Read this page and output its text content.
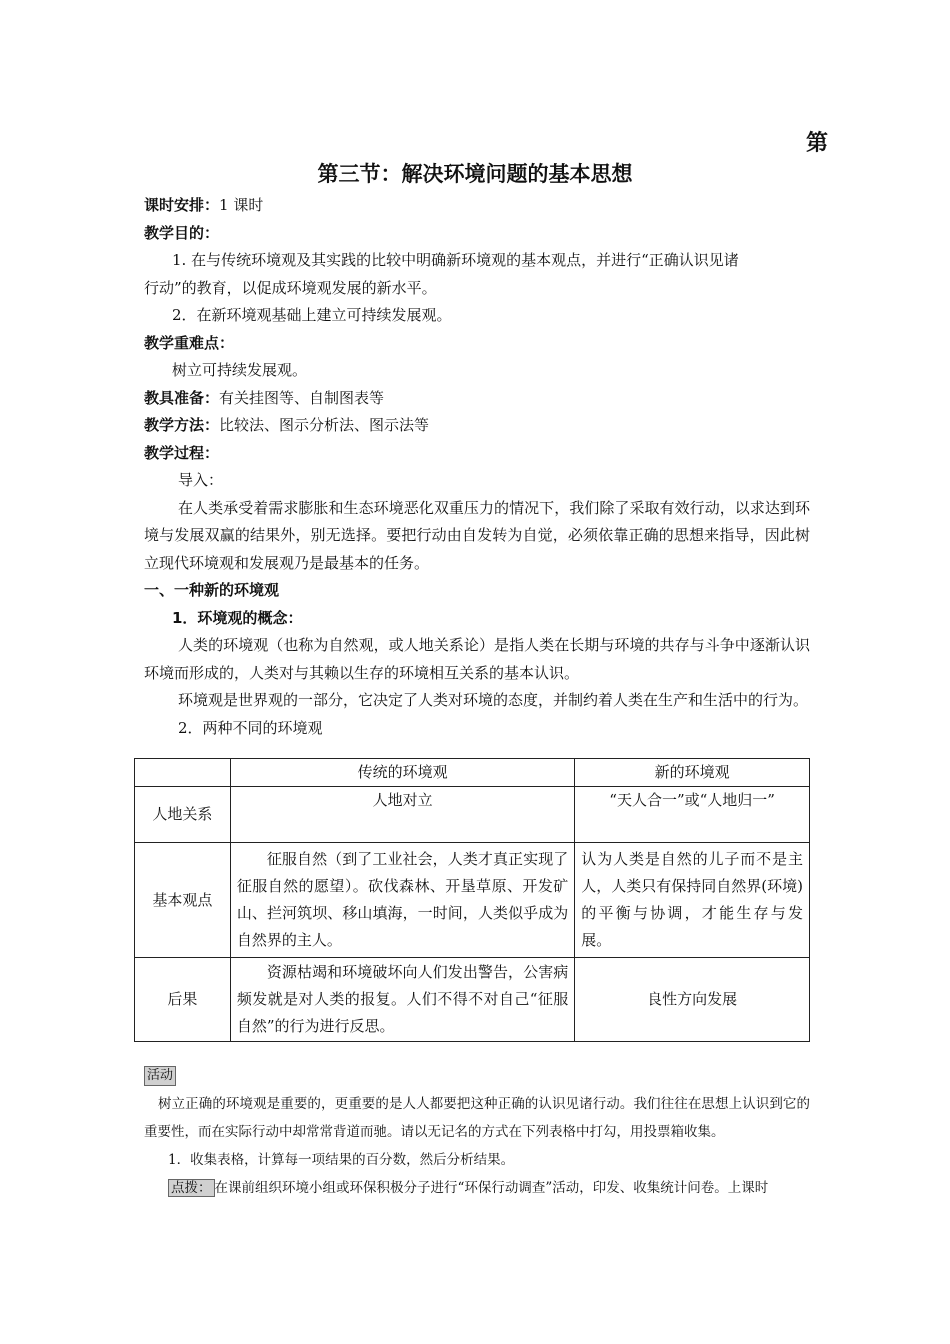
第
第三节：解决环境问题的基本思想

课时安排：1 课时

教学目的：

1. 在与传统环境观及其实践的比较中明确新环境观的基本观点，并进行“正确认识见诸

行动”的教育，以促成环境观发展的新水平。

2．在新环境观基础上建立可持续发展观。

教学重难点：

树立可持续发展观。

教具准备：有关挂图等、自制图表等

教学方法：比较法、图示分析法、图示法等

教学过程：

导入：

在人类承受着需求膨胀和生态环境恶化双重压力的情况下，我们除了采取有效行动，以求达到环境与发展双赢的结果外，别无选择。要把行动由自发转为自觉，必须依靠正确的思想来指导，因此树立现代环境观和发展观乃是最基本的任务。

一、一种新的环境观

1．环境观的概念：

人类的环境观（也称为自然观，或人地关系论）是指人类在长期与环境的共存与斗争中逐渐认识环境而形成的，人类对与其赖以生存的环境相互关系的基本认识。

环境观是世界观的一部分，它决定了人类对环境的态度，并制约着人类在生产和生活中的行为。

2．两种不同的环境观

	传统的环境观	新的环境观
人地关系	人地对立	“天人合一”或“人地归一”
基本观点	征服自然（到了工业社会，人类才真正实现了征服自然的愿望）。砍伐森林、开垦草原、开发矿山、拦河筑坝、移山填海，一时间，人类似乎成为自然界的主人。	认为人类是自然的儿子而不是主人，人类只有保持同自然界(环境)的平衡与协调，才能生存与发展。
后果	资源枯竭和环境破坏向人们发出警告，公害病频发就是对人类的报复。人们不得不对自己“征服自然”的行为进行反思。	良性方向发展
活动

树立正确的环境观是重要的，更重要的是人人都要把这种正确的认识见诸行动。我们往往在思想上认识到它的重要性，而在实际行动中却常常背道而驰。请以无记名的方式在下列表格中打勾，用投票箱收集。

1．收集表格，计算每一项结果的百分数，然后分析结果。

点拨： 在课前组织环境小组或环保积极分子进行“环保行动调查”活动，印发、收集统计问卷。上课时
